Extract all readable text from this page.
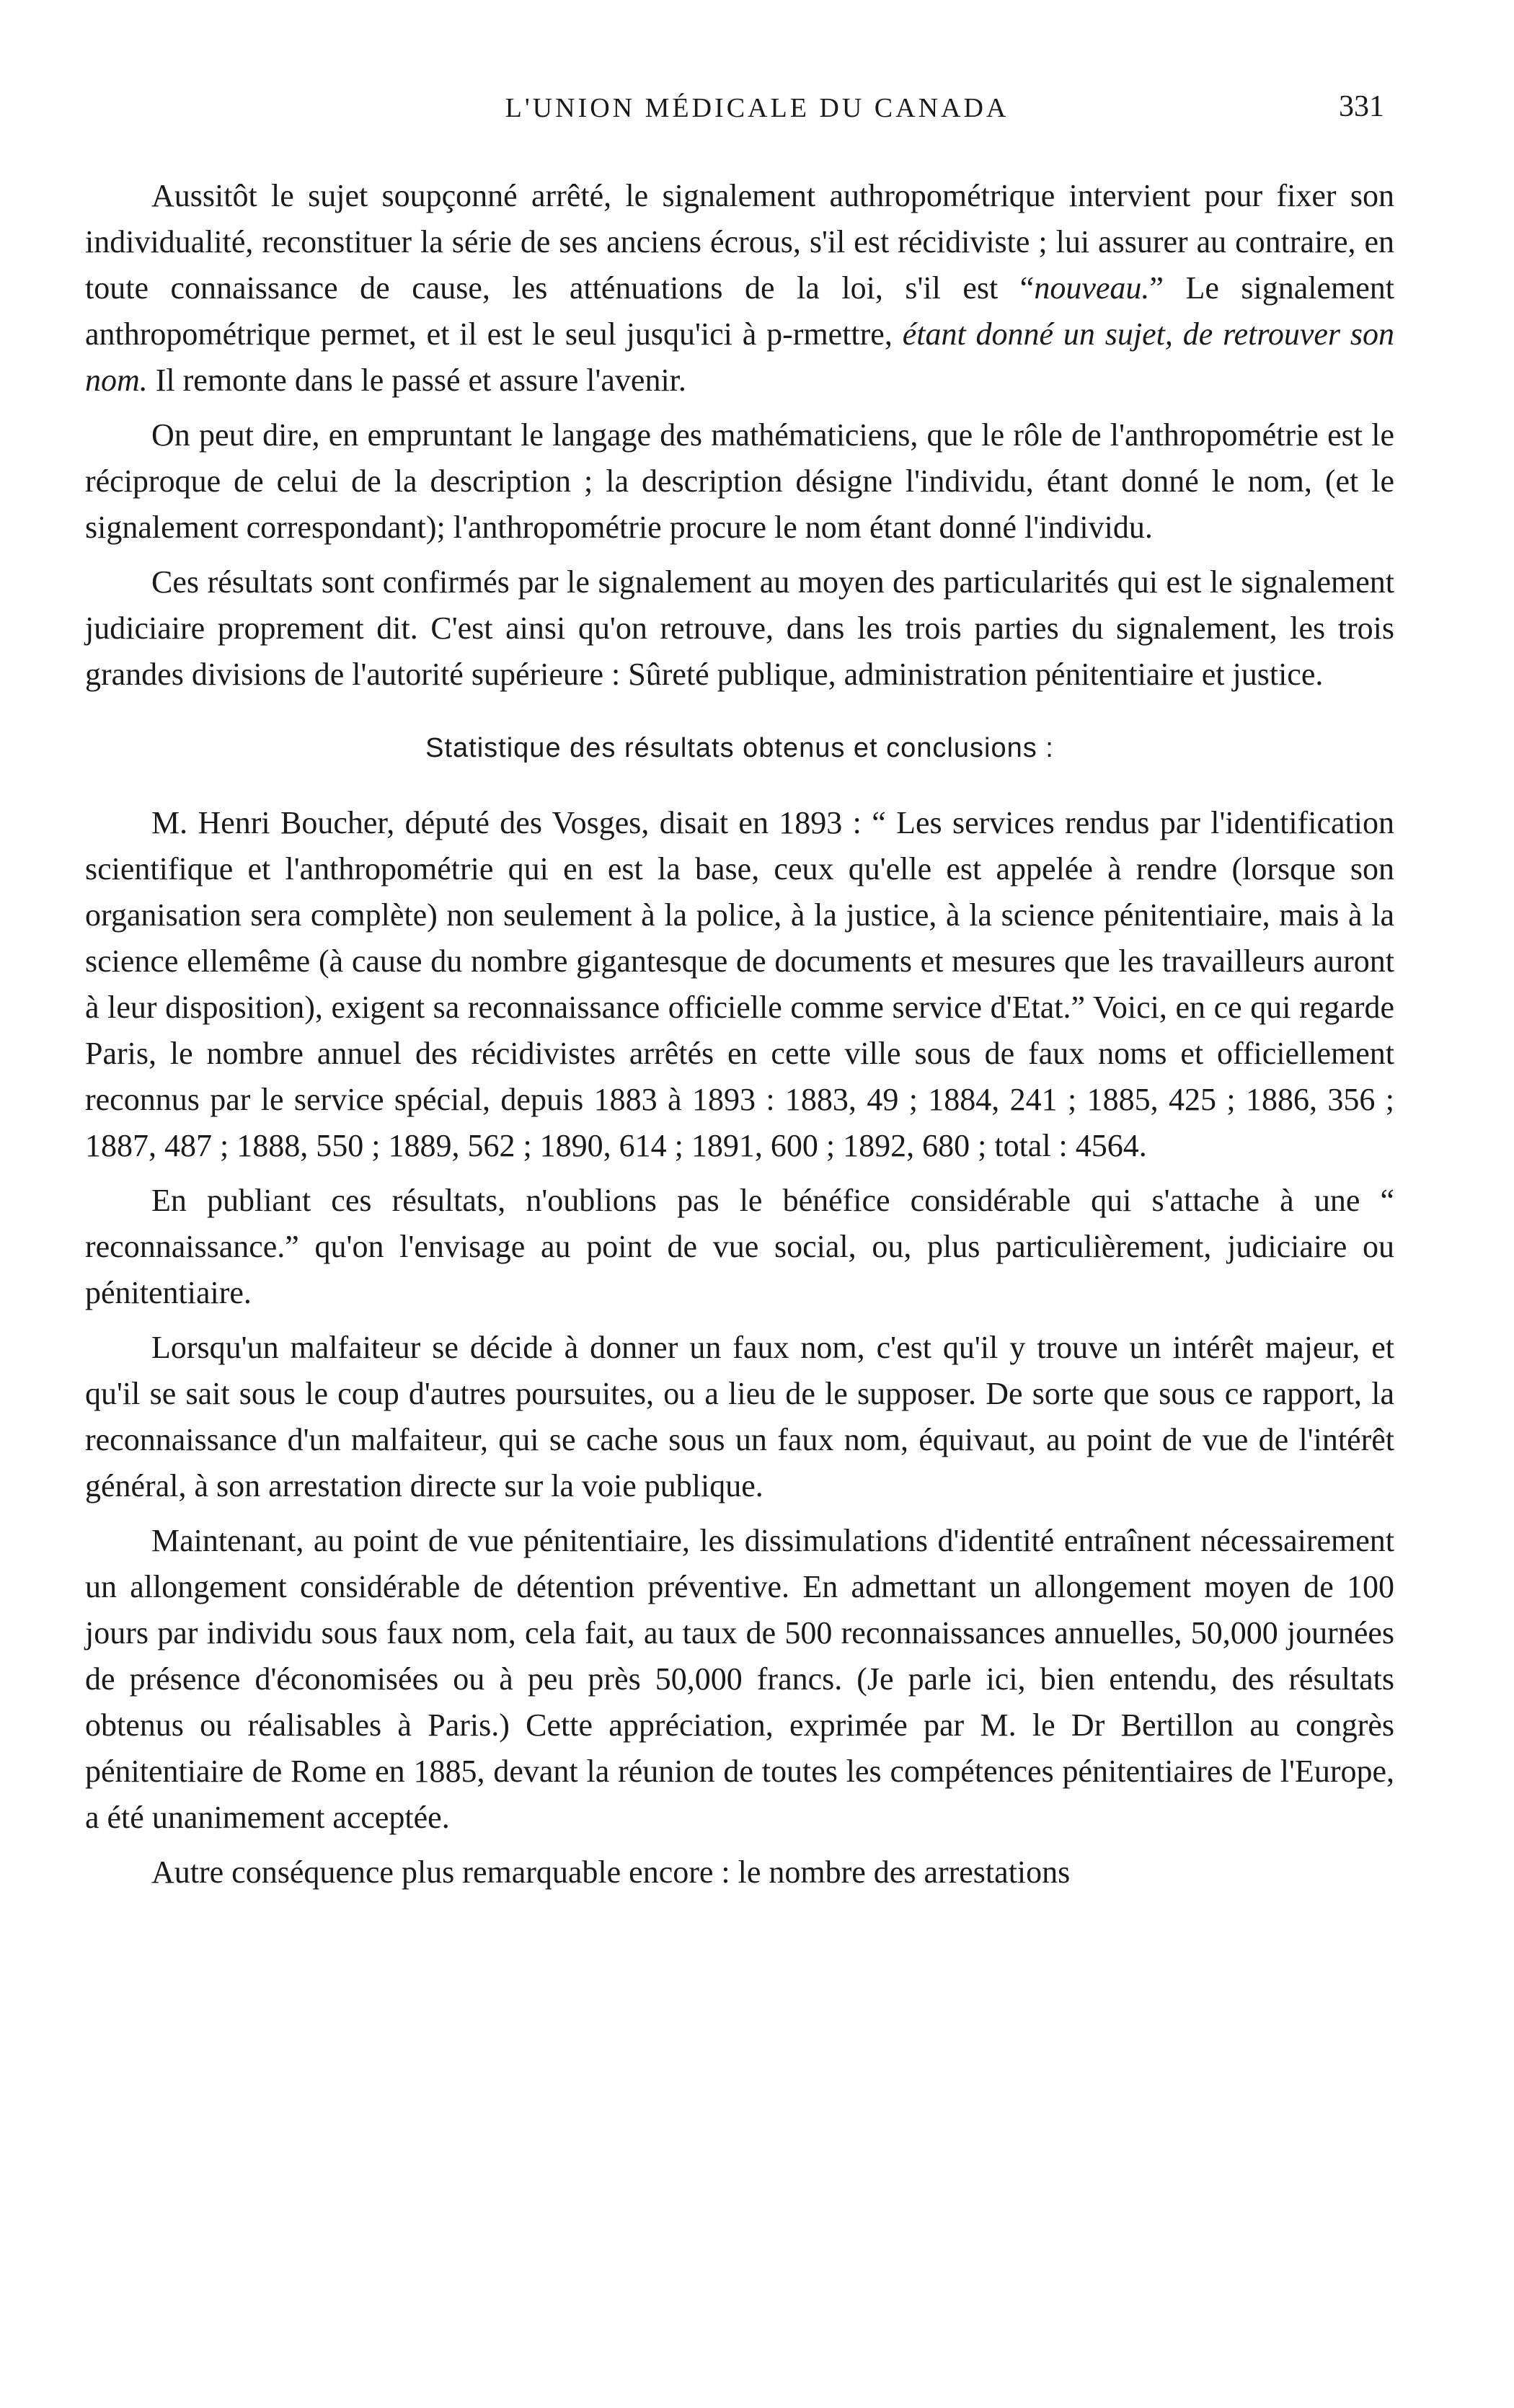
L'UNION MÉDICALE DU CANADA	331

Aussitôt le sujet soupçonné arrêté, le signalement authropométrique intervient pour fixer son individualité, reconstituer la série de ses anciens écrous, s'il est récidiviste ; lui assurer au contraire, en toute connaissance de cause, les atténuations de la loi, s'il est “nouveau.” Le signalement anthropométrique permet, et il est le seul jusqu'ici à p-rmettre, étant donné un sujet, de retrouver son nom. Il remonte dans le passé et assure l'avenir.

On peut dire, en empruntant le langage des mathématiciens, que le rôle de l'anthropométrie est le réciproque de celui de la description ; la description désigne l'individu, étant donné le nom, (et le signalement correspondant); l'anthropométrie procure le nom étant donné l'individu.

Ces résultats sont confirmés par le signalement au moyen des particularités qui est le signalement judiciaire proprement dit. C'est ainsi qu'on retrouve, dans les trois parties du signalement, les trois grandes divisions de l'autorité supérieure : Sûreté publique, administration pénitentiaire et justice.

Statistique des résultats obtenus et conclusions :

M. Henri Boucher, député des Vosges, disait en 1893 : “ Les services rendus par l'identification scientifique et l'anthropométrie qui en est la base, ceux qu'elle est appelée à rendre (lorsque son organisation sera complète) non seulement à la police, à la justice, à la science pénitentiaire, mais à la science ellemême (à cause du nombre gigantesque de documents et mesures que les travailleurs auront à leur disposition), exigent sa reconnaissance officielle comme service d'Etat.” Voici, en ce qui regarde Paris, le nombre annuel des récidivistes arrêtés en cette ville sous de faux noms et officiellement reconnus par le service spécial, depuis 1883 à 1893 : 1883, 49 ; 1884, 241 ; 1885, 425 ; 1886, 356 ; 1887, 487 ; 1888, 550 ; 1889, 562 ; 1890, 614 ; 1891, 600 ; 1892, 680 ; total : 4564.

En publiant ces résultats, n'oublions pas le bénéfice considérable qui s'attache à une “ reconnaissance.” qu'on l'envisage au point de vue social, ou, plus particulièrement, judiciaire ou pénitentiaire.

Lorsqu'un malfaiteur se décide à donner un faux nom, c'est qu'il y trouve un intérêt majeur, et qu'il se sait sous le coup d'autres poursuites, ou a lieu de le supposer. De sorte que sous ce rapport, la reconnaissance d'un malfaiteur, qui se cache sous un faux nom, équivaut, au point de vue de l'intérêt général, à son arrestation directe sur la voie publique.

Maintenant, au point de vue pénitentiaire, les dissimulations d'identité entraînent nécessairement un allongement considérable de détention préventive. En admettant un allongement moyen de 100 jours par individu sous faux nom, cela fait, au taux de 500 reconnaissances annuelles, 50,000 journées de présence d'économisées ou à peu près 50,000 francs. (Je parle ici, bien entendu, des résultats obtenus ou réalisables à Paris.) Cette appréciation, exprimée par M. le Dr Bertillon au congrès pénitentiaire de Rome en 1885, devant la réunion de toutes les compétences pénitentiaires de l'Europe, a été unanimement acceptée.

Autre conséquence plus remarquable encore : le nombre des arrestations
